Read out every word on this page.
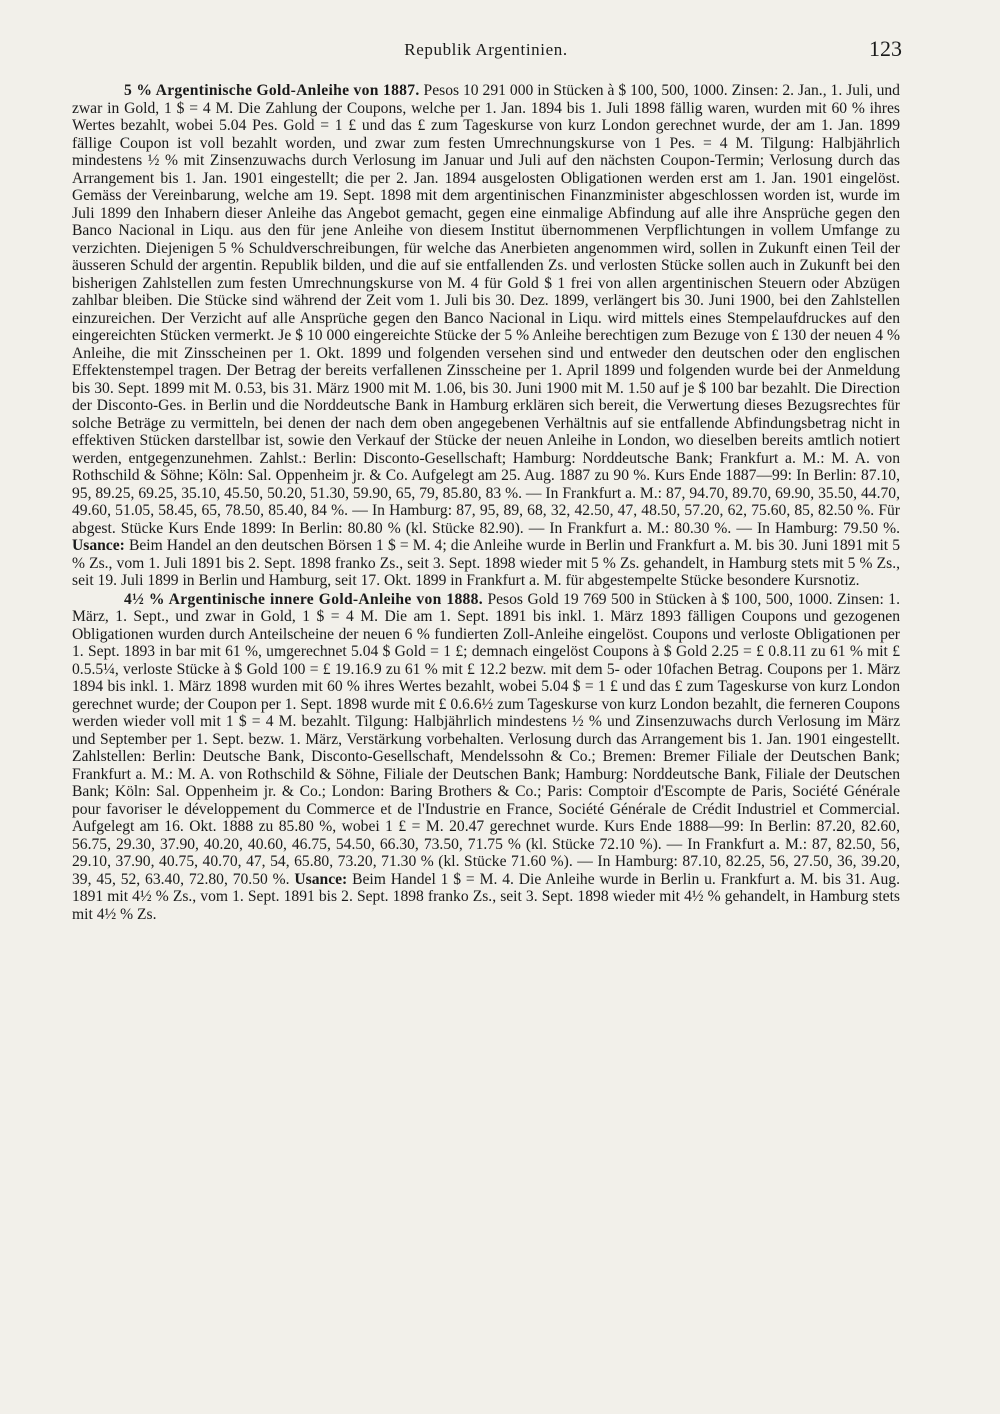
Republik Argentinien.	123

5 % Argentinische Gold-Anleihe von 1887. Pesos 10 291 000 in Stücken à $ 100, 500, 1000. Zinsen: 2. Jan., 1. Juli, und zwar in Gold, 1 $ = 4 M. Die Zahlung der Coupons, welche per 1. Jan. 1894 bis 1. Juli 1898 fällig waren, wurden mit 60 % ihres Wertes bezahlt, wobei 5.04 Pes. Gold = 1 £ und das £ zum Tageskurse von kurz London gerechnet wurde, der am 1. Jan. 1899 fällige Coupon ist voll bezahlt worden, und zwar zum festen Umrechnungskurse von 1 Pes. = 4 M. Tilgung: Halbjährlich mindestens ½ % mit Zinsenzuwachs durch Verlosung im Januar und Juli auf den nächsten Coupon-Termin; Verlosung durch das Arrangement bis 1. Jan. 1901 eingestellt; die per 2. Jan. 1894 ausgelosten Obligationen werden erst am 1. Jan. 1901 eingelöst. Gemäss der Vereinbarung, welche am 19. Sept. 1898 mit dem argentinischen Finanzminister abgeschlossen worden ist, wurde im Juli 1899 den Inhabern dieser Anleihe das Angebot gemacht, gegen eine einmalige Abfindung auf alle ihre Ansprüche gegen den Banco Nacional in Liqu. aus den für jene Anleihe von diesem Institut übernommenen Verpflichtungen in vollem Umfange zu verzichten. Diejenigen 5 % Schuldverschreibungen, für welche das Anerbieten angenommen wird, sollen in Zukunft einen Teil der äusseren Schuld der argentin. Republik bilden, und die auf sie entfallenden Zs. und verlosten Stücke sollen auch in Zukunft bei den bisherigen Zahlstellen zum festen Umrechnungskurse von M. 4 für Gold $ 1 frei von allen argentinischen Steuern oder Abzügen zahlbar bleiben. Die Stücke sind während der Zeit vom 1. Juli bis 30. Dez. 1899, verlängert bis 30. Juni 1900, bei den Zahlstellen einzureichen. Der Verzicht auf alle Ansprüche gegen den Banco Nacional in Liqu. wird mittels eines Stempelaufdruckes auf den eingereichten Stücken vermerkt. Je $ 10 000 eingereichte Stücke der 5 % Anleihe berechtigen zum Bezuge von £ 130 der neuen 4 % Anleihe, die mit Zinsscheinen per 1. Okt. 1899 und folgenden versehen sind und entweder den deutschen oder den englischen Effektenstempel tragen. Der Betrag der bereits verfallenen Zinsscheine per 1. April 1899 und folgenden wurde bei der Anmeldung bis 30. Sept. 1899 mit M. 0.53, bis 31. März 1900 mit M. 1.06, bis 30. Juni 1900 mit M. 1.50 auf je $ 100 bar bezahlt. Die Direction der Disconto-Ges. in Berlin und die Norddeutsche Bank in Hamburg erklären sich bereit, die Verwertung dieses Bezugsrechtes für solche Beträge zu vermitteln, bei denen der nach dem oben angegebenen Verhältnis auf sie entfallende Abfindungsbetrag nicht in effektiven Stücken darstellbar ist, sowie den Verkauf der Stücke der neuen Anleihe in London, wo dieselben bereits amtlich notiert werden, entgegenzunehmen. Zahlst.: Berlin: Disconto-Gesellschaft; Hamburg: Norddeutsche Bank; Frankfurt a. M.: M. A. von Rothschild & Söhne; Köln: Sal. Oppenheim jr. & Co. Aufgelegt am 25. Aug. 1887 zu 90 %. Kurs Ende 1887—99: In Berlin: 87.10, 95, 89.25, 69.25, 35.10, 45.50, 50.20, 51.30, 59.90, 65, 79, 85.80, 83 %. — In Frankfurt a. M.: 87, 94.70, 89.70, 69.90, 35.50, 44.70, 49.60, 51.05, 58.45, 65, 78.50, 85.40, 84 %. — In Hamburg: 87, 95, 89, 68, 32, 42.50, 47, 48.50, 57.20, 62, 75.60, 85, 82.50 %. Für abgest. Stücke Kurs Ende 1899: In Berlin: 80.80 % (kl. Stücke 82.90). — In Frankfurt a. M.: 80.30 %. — In Hamburg: 79.50 %. Usance: Beim Handel an den deutschen Börsen 1 $ = M. 4; die Anleihe wurde in Berlin und Frankfurt a. M. bis 30. Juni 1891 mit 5 % Zs., vom 1. Juli 1891 bis 2. Sept. 1898 franko Zs., seit 3. Sept. 1898 wieder mit 5 % Zs. gehandelt, in Hamburg stets mit 5 % Zs., seit 19. Juli 1899 in Berlin und Hamburg, seit 17. Okt. 1899 in Frankfurt a. M. für abgestempelte Stücke besondere Kursnotiz.

4½ % Argentinische innere Gold-Anleihe von 1888. Pesos Gold 19 769 500 in Stücken à $ 100, 500, 1000. Zinsen: 1. März, 1. Sept., und zwar in Gold, 1 $ = 4 M. Die am 1. Sept. 1891 bis inkl. 1. März 1893 fälligen Coupons und gezogenen Obligationen wurden durch Anteilscheine der neuen 6 % fundierten Zoll-Anleihe eingelöst. Coupons und verloste Obligationen per 1. Sept. 1893 in bar mit 61 %, umgerechnet 5.04 $ Gold = 1 £; demnach eingelöst Coupons à $ Gold 2.25 = £ 0.8.11 zu 61 % mit £ 0.5.5¼, verloste Stücke à $ Gold 100 = £ 19.16.9 zu 61 % mit £ 12.2 bezw. mit dem 5- oder 10fachen Betrag. Coupons per 1. März 1894 bis inkl. 1. März 1898 wurden mit 60 % ihres Wertes bezahlt, wobei 5.04 $ = 1 £ und das £ zum Tageskurse von kurz London gerechnet wurde; der Coupon per 1. Sept. 1898 wurde mit £ 0.6.6½ zum Tageskurse von kurz London bezahlt, die ferneren Coupons werden wieder voll mit 1 $ = 4 M. bezahlt. Tilgung: Halbjährlich mindestens ½ % und Zinsenzuwachs durch Verlosung im März und September per 1. Sept. bezw. 1. März, Verstärkung vorbehalten. Verlosung durch das Arrangement bis 1. Jan. 1901 eingestellt. Zahlstellen: Berlin: Deutsche Bank, Disconto-Gesellschaft, Mendelssohn & Co.; Bremen: Bremer Filiale der Deutschen Bank; Frankfurt a. M.: M. A. von Rothschild & Söhne, Filiale der Deutschen Bank; Hamburg: Norddeutsche Bank, Filiale der Deutschen Bank; Köln: Sal. Oppenheim jr. & Co.; London: Baring Brothers & Co.; Paris: Comptoir d'Escompte de Paris, Société Générale pour favoriser le développement du Commerce et de l'Industrie en France, Société Générale de Crédit Industriel et Commercial. Aufgelegt am 16. Okt. 1888 zu 85.80 %, wobei 1 £ = M. 20.47 gerechnet wurde. Kurs Ende 1888—99: In Berlin: 87.20, 82.60, 56.75, 29.30, 37.90, 40.20, 40.60, 46.75, 54.50, 66.30, 73.50, 71.75 % (kl. Stücke 72.10 %). — In Frankfurt a. M.: 87, 82.50, 56, 29.10, 37.90, 40.75, 40.70, 47, 54, 65.80, 73.20, 71.30 % (kl. Stücke 71.60 %). — In Hamburg: 87.10, 82.25, 56, 27.50, 36, 39.20, 39, 45, 52, 63.40, 72.80, 70.50 %. Usance: Beim Handel 1 $ = M. 4. Die Anleihe wurde in Berlin u. Frankfurt a. M. bis 31. Aug. 1891 mit 4½ % Zs., vom 1. Sept. 1891 bis 2. Sept. 1898 franko Zs., seit 3. Sept. 1898 wieder mit 4½ % gehandelt, in Hamburg stets mit 4½ % Zs.
